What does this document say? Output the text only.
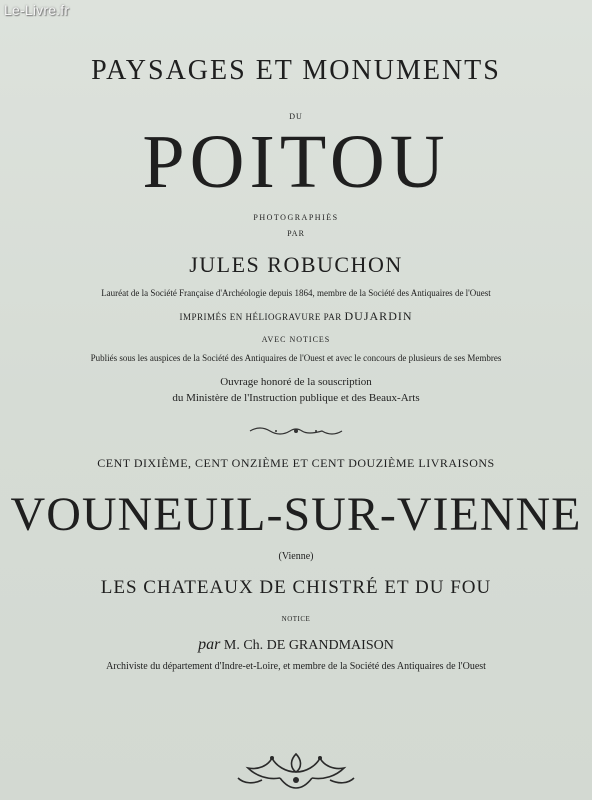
Le-Livre.fr
PAYSAGES ET MONUMENTS
DU
POITOU
PHOTOGRAPHIÉS
PAR
JULES ROBUCHON
Lauréat de la Société Française d'Archéologie depuis 1864, membre de la Société des Antiquaires de l'Ouest
IMPRIMÉS EN HÉLIOGRAVURE PAR DUJARDIN
AVEC NOTICES
Publiés sous les auspices de la Société des Antiquaires de l'Ouest et avec le concours de plusieurs de ses Membres
Ouvrage honoré de la souscription
du Ministère de l'Instruction publique et des Beaux-Arts
CENT DIXIÈME, CENT ONZIÈME ET CENT DOUZIÈME LIVRAISONS
VOUNEUIL-SUR-VIENNE
(Vienne)
LES CHATEAUX DE CHISTRÉ ET DU FOU
NOTICE
par M. Ch. DE GRANDMAISON
Archiviste du département d'Indre-et-Loire, et membre de la Société des Antiquaires de l'Ouest
